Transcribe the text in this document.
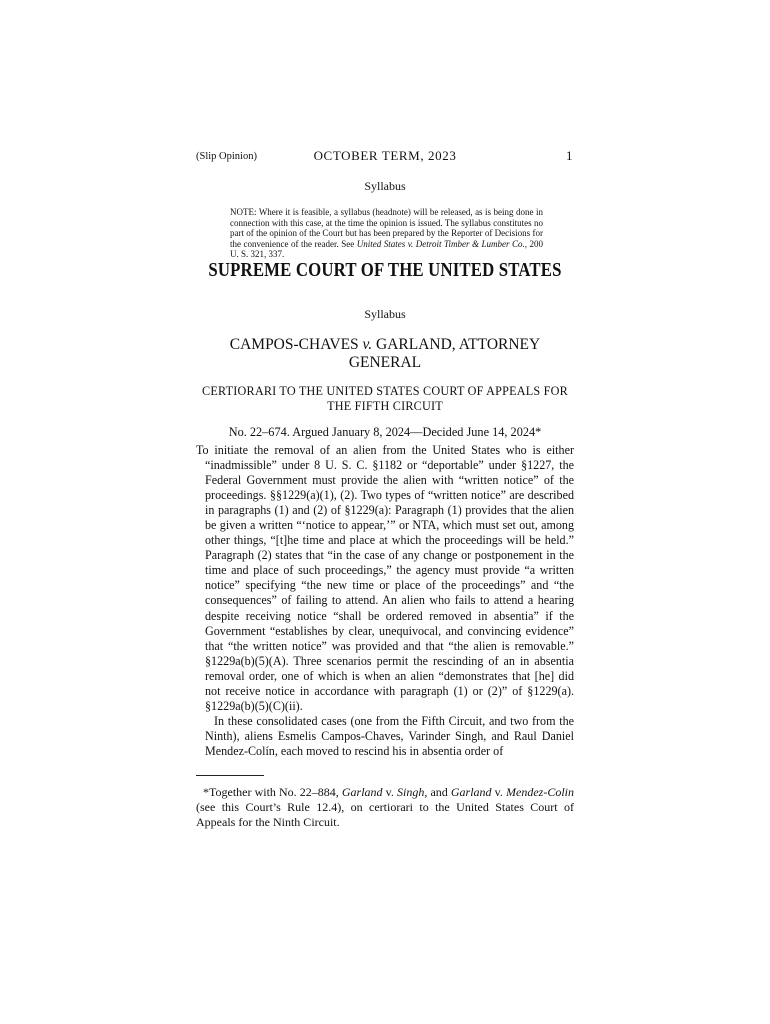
(Slip Opinion)	OCTOBER TERM, 2023	1
Syllabus
NOTE: Where it is feasible, a syllabus (headnote) will be released, as is being done in connection with this case, at the time the opinion is issued. The syllabus constitutes no part of the opinion of the Court but has been prepared by the Reporter of Decisions for the convenience of the reader. See United States v. Detroit Timber & Lumber Co., 200 U. S. 321, 337.
SUPREME COURT OF THE UNITED STATES
Syllabus
CAMPOS-CHAVES v. GARLAND, ATTORNEY GENERAL
CERTIORARI TO THE UNITED STATES COURT OF APPEALS FOR THE FIFTH CIRCUIT
No. 22–674. Argued January 8, 2024—Decided June 14, 2024*

To initiate the removal of an alien from the United States who is either “inadmissible” under 8 U. S. C. §1182 or “deportable” under §1227, the Federal Government must provide the alien with “written notice” of the proceedings. §§1229(a)(1), (2). Two types of “written notice” are described in paragraphs (1) and (2) of §1229(a): Paragraph (1) provides that the alien be given a written “‘notice to appear,’” or NTA, which must set out, among other things, “[t]he time and place at which the proceedings will be held.” Paragraph (2) states that “in the case of any change or postponement in the time and place of such proceedings,” the agency must provide “a written notice” specifying “the new time or place of the proceedings” and “the consequences” of failing to attend. An alien who fails to attend a hearing despite receiving notice “shall be ordered removed in absentia” if the Government “establishes by clear, unequivocal, and convincing evidence” that “the written notice” was provided and that “the alien is removable.” §1229a(b)(5)(A). Three scenarios permit the rescinding of an in absentia removal order, one of which is when an alien “demonstrates that [he] did not receive notice in accordance with paragraph (1) or (2)” of §1229(a). §1229a(b)(5)(C)(ii).

In these consolidated cases (one from the Fifth Circuit, and two from the Ninth), aliens Esmelis Campos-Chaves, Varinder Singh, and Raul Daniel Mendez-Colín, each moved to rescind his in absentia order of

*Together with No. 22–884, Garland v. Singh, and Garland v. Mendez-Colin (see this Court’s Rule 12.4), on certiorari to the United States Court of Appeals for the Ninth Circuit.
